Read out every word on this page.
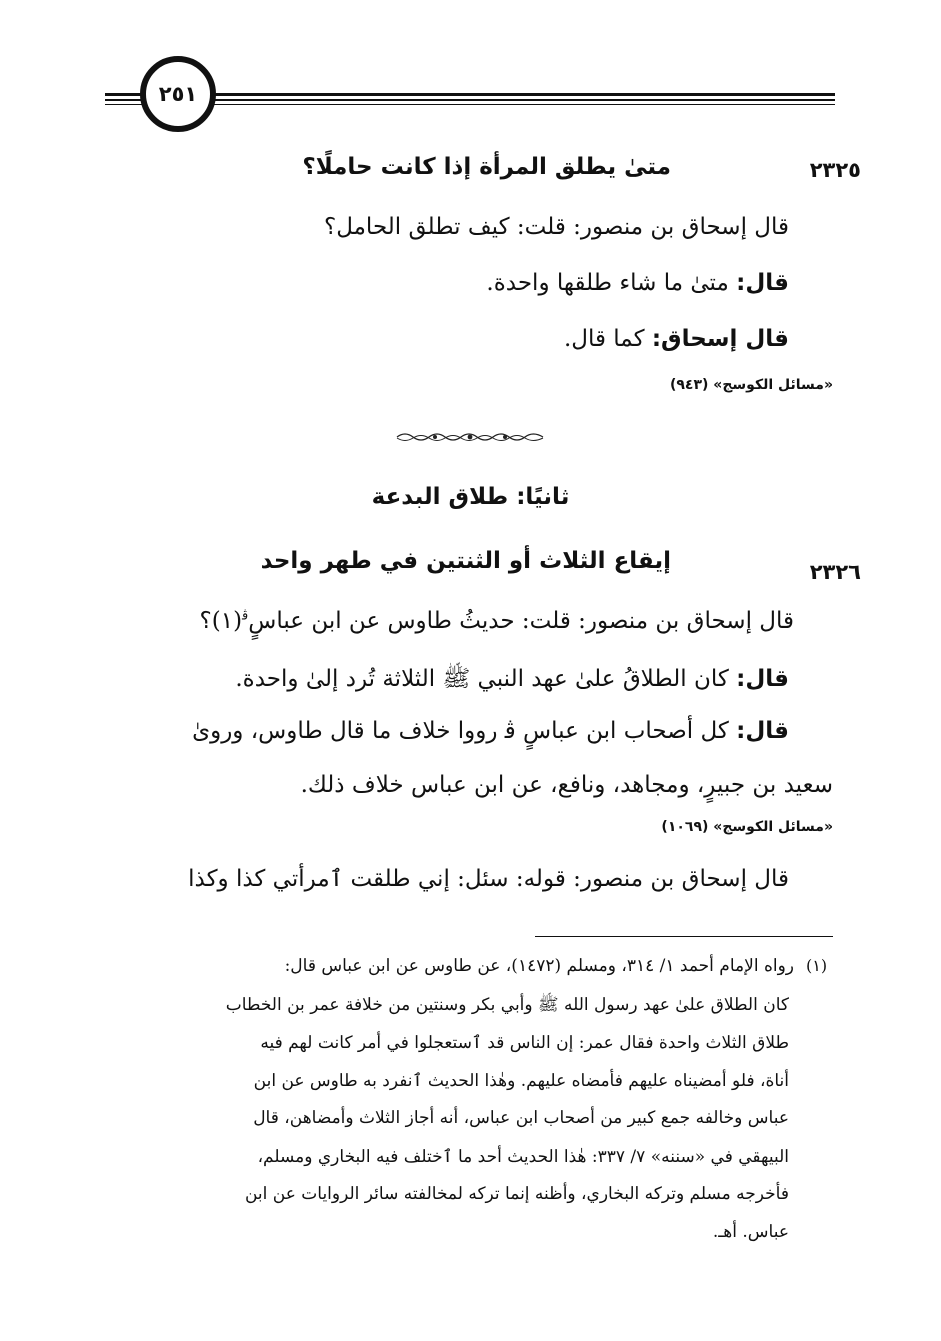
٢٥١
٢٣٢٥
متىٰ يطلق المرأة إذا كانت حاملًا؟
قال إسحاق بن منصور: قلت: كيف تطلق الحامل؟
قال: متىٰ ما شاء طلقها واحدة.
قال إسحاق: كما قال.
«مسائل الكوسج» (٩٤٣)
ثانيًا: طلاق البدعة
٢٣٢٦
إيقاع الثلاث أو الثنتين في طهر واحد
قال إسحاق بن منصور: قلت: حديثُ طاوس عن ابن عباسٍ$^ﭬ$(١)؟
قال: كان الطلاقُ علىٰ عهد النبي ﷺ الثلاثة تُرد إلىٰ واحدة.
قال: كل أصحاب ابن عباسٍ ﭬ رووا خلاف ما قال طاوس، وروىٰ
سعيد بن جبيرٍ، ومجاهد، ونافع، عن ابن عباس خلاف ذلك.
«مسائل الكوسج» (١٠٦٩)
قال إسحاق بن منصور: قوله: سئل: إني طلقت ٱمرأتي كذا وكذا
(١)
رواه الإمام أحمد ١/ ٣١٤، ومسلم (١٤٧٢)، عن طاوس عن ابن عباس قال:
كان الطلاق علىٰ عهد رسول الله ﷺ وأبي بكر وسنتين من خلافة عمر بن الخطاب
طلاق الثلاث واحدة فقال عمر: إن الناس قد ٱستعجلوا في أمر كانت لهم فيه
أناة، فلو أمضيناه عليهم فأمضاه عليهم. وهٰذا الحديث ٱنفرد به طاوس عن ابن
عباس وخالفه جمع كبير من أصحاب ابن عباس، أنه أجاز الثلاث وأمضاهن، قال
البيهقي في «سننه» ٧/ ٣٣٧: هٰذا الحديث أحد ما ٱختلف فيه البخاري ومسلم،
فأخرجه مسلم وتركه البخاري، وأظنه إنما تركه لمخالفته سائر الروايات عن ابن
عباس. أهـ.
